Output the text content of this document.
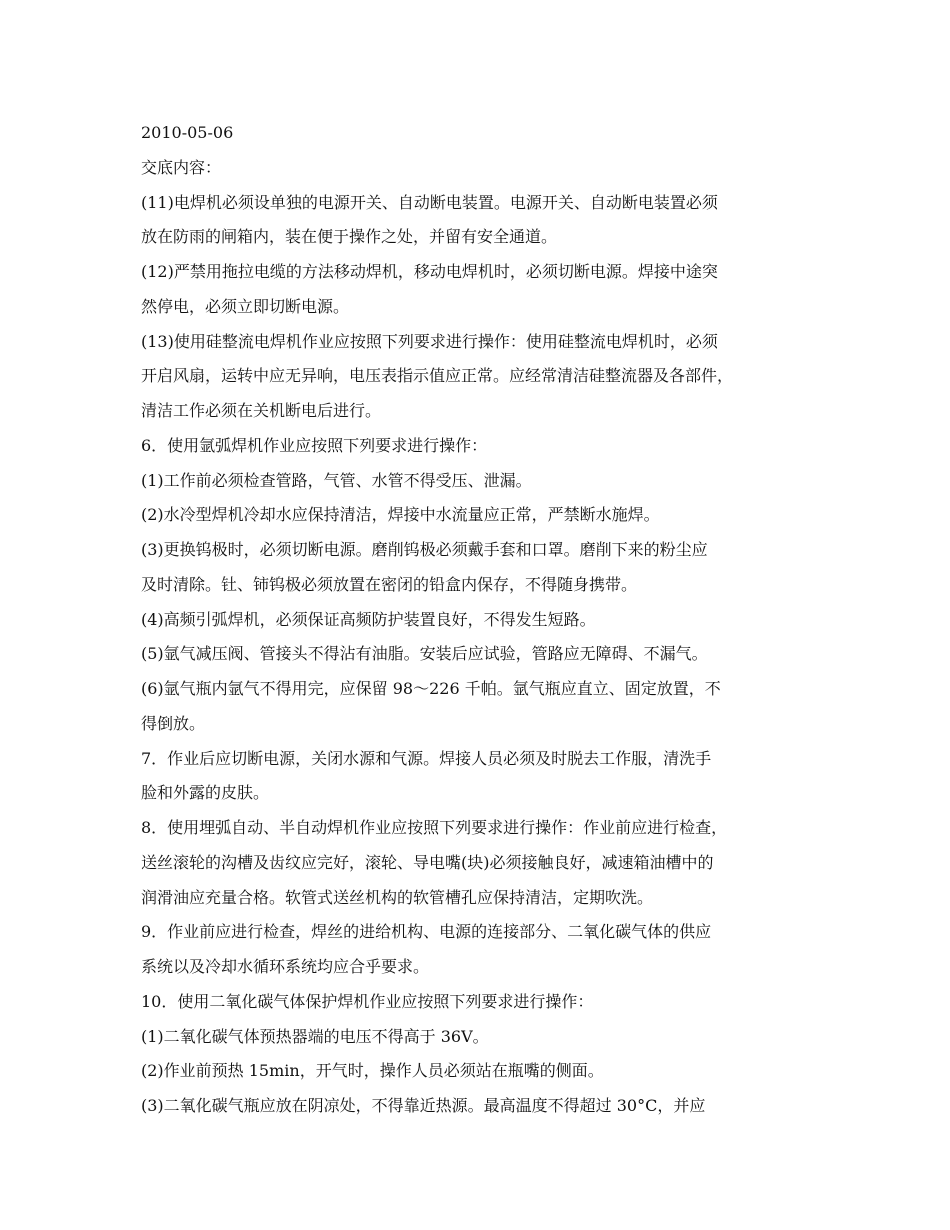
2010-05-06
交底内容：
(11)电焊机必须设单独的电源开关、自动断电装置。电源开关、自动断电装置必须
放在防雨的闸箱内，装在便于操作之处，并留有安全通道。
(12)严禁用拖拉电缆的方法移动焊机，移动电焊机时，必须切断电源。焊接中途突
然停电，必须立即切断电源。
(13)使用硅整流电焊机作业应按照下列要求进行操作：使用硅整流电焊机时，必须
开启风扇，运转中应无异响，电压表指示值应正常。应经常清洁硅整流器及各部件，
清洁工作必须在关机断电后进行。
6．使用氩弧焊机作业应按照下列要求进行操作：
(1)工作前必须检查管路，气管、水管不得受压、泄漏。
(2)水冷型焊机冷却水应保持清洁，焊接中水流量应正常，严禁断水施焊。
(3)更换钨极时，必须切断电源。磨削钨极必须戴手套和口罩。磨削下来的粉尘应
及时清除。钍、铈钨极必须放置在密闭的铅盒内保存，不得随身携带。
(4)高频引弧焊机，必须保证高频防护装置良好，不得发生短路。
(5)氩气减压阀、管接头不得沾有油脂。安装后应试验，管路应无障碍、不漏气。
(6)氩气瓶内氩气不得用完，应保留 98～226 千帕。氩气瓶应直立、固定放置，不
得倒放。
7．作业后应切断电源，关闭水源和气源。焊接人员必须及时脱去工作服，清洗手
脸和外露的皮肤。
8．使用埋弧自动、半自动焊机作业应按照下列要求进行操作：作业前应进行检查，
送丝滚轮的沟槽及齿纹应完好，滚轮、导电嘴(块)必须接触良好，减速箱油槽中的
润滑油应充量合格。软管式送丝机构的软管槽孔应保持清洁，定期吹洗。
9．作业前应进行检查，焊丝的进给机构、电源的连接部分、二氧化碳气体的供应
系统以及冷却水循环系统均应合乎要求。
10．使用二氧化碳气体保护焊机作业应按照下列要求进行操作：
(1)二氧化碳气体预热器端的电压不得高于 36V。
(2)作业前预热 15min，开气时，操作人员必须站在瓶嘴的侧面。
(3)二氧化碳气瓶应放在阴凉处，不得靠近热源。最高温度不得超过 30°C，并应
